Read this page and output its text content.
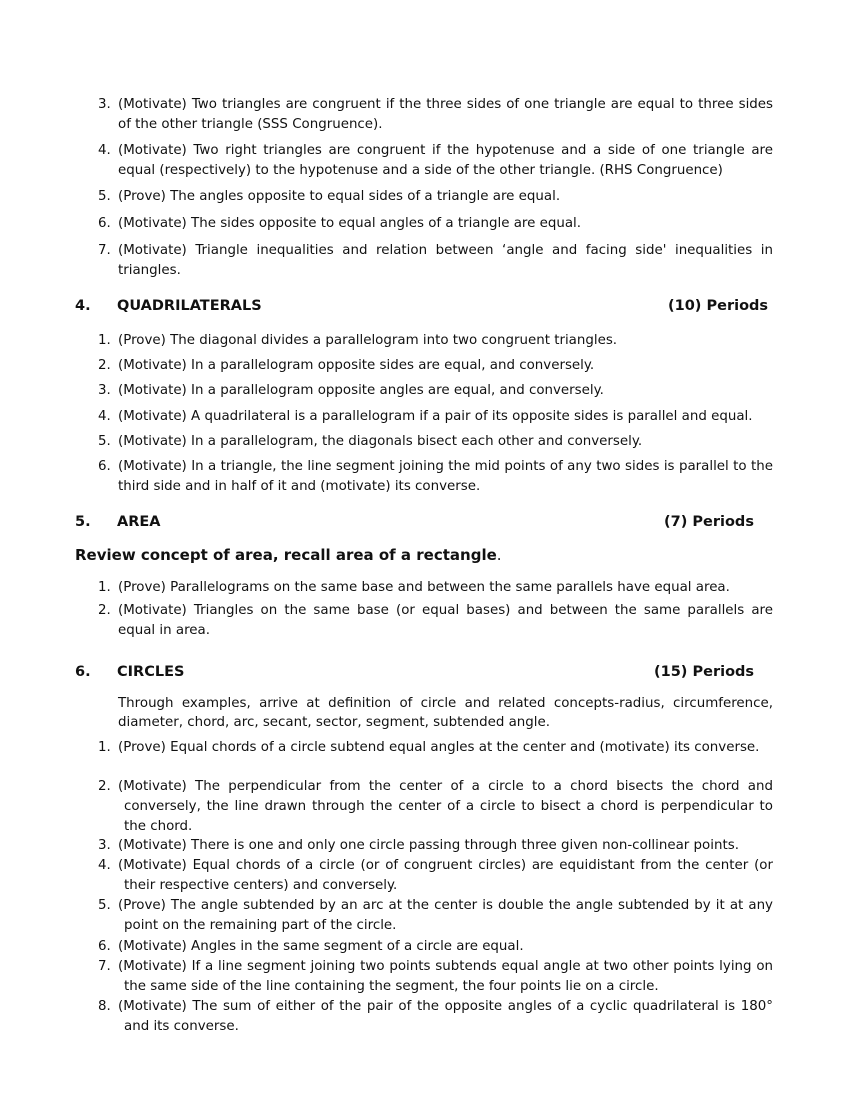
3. (Motivate) Two triangles are congruent if the three sides of one triangle are equal to three sides of the other triangle (SSS Congruence).
4. (Motivate) Two right triangles are congruent if the hypotenuse and a side of one triangle are equal (respectively) to the hypotenuse and a side of the other triangle. (RHS Congruence)
5. (Prove) The angles opposite to equal sides of a triangle are equal.
6. (Motivate) The sides opposite to equal angles of a triangle are equal.
7. (Motivate) Triangle inequalities and relation between ‘angle and facing side' inequalities in triangles.
4. QUADRILATERALS	(10) Periods
1. (Prove) The diagonal divides a parallelogram into two congruent triangles.
2. (Motivate) In a parallelogram opposite sides are equal, and conversely.
3. (Motivate) In a parallelogram opposite angles are equal, and conversely.
4. (Motivate) A quadrilateral is a parallelogram if a pair of its opposite sides is parallel and equal.
5. (Motivate) In a parallelogram, the diagonals bisect each other and conversely.
6. (Motivate) In a triangle, the line segment joining the mid points of any two sides is parallel to the third side and in half of it and (motivate) its converse.
5. AREA	(7) Periods
Review concept of area, recall area of a rectangle.
1. (Prove) Parallelograms on the same base and between the same parallels have equal area.
2. (Motivate) Triangles on the same base (or equal bases) and between the same parallels are equal in area.
6. CIRCLES	(15) Periods
Through examples, arrive at definition of circle and related concepts-radius, circumference, diameter, chord, arc, secant, sector, segment, subtended angle.
1. (Prove) Equal chords of a circle subtend equal angles at the center and (motivate) its converse.
2. (Motivate) The perpendicular from the center of a circle to a chord bisects the chord and conversely, the line drawn through the center of a circle to bisect a chord is perpendicular to the chord.
3. (Motivate) There is one and only one circle passing through three given non-collinear points.
4. (Motivate) Equal chords of a circle (or of congruent circles) are equidistant from the center (or their respective centers) and conversely.
5. (Prove) The angle subtended by an arc at the center is double the angle subtended by it at any point on the remaining part of the circle.
6. (Motivate) Angles in the same segment of a circle are equal.
7. (Motivate) If a line segment joining two points subtends equal angle at two other points lying on the same side of the line containing the segment, the four points lie on a circle.
8. (Motivate) The sum of either of the pair of the opposite angles of a cyclic quadrilateral is 180° and its converse.
